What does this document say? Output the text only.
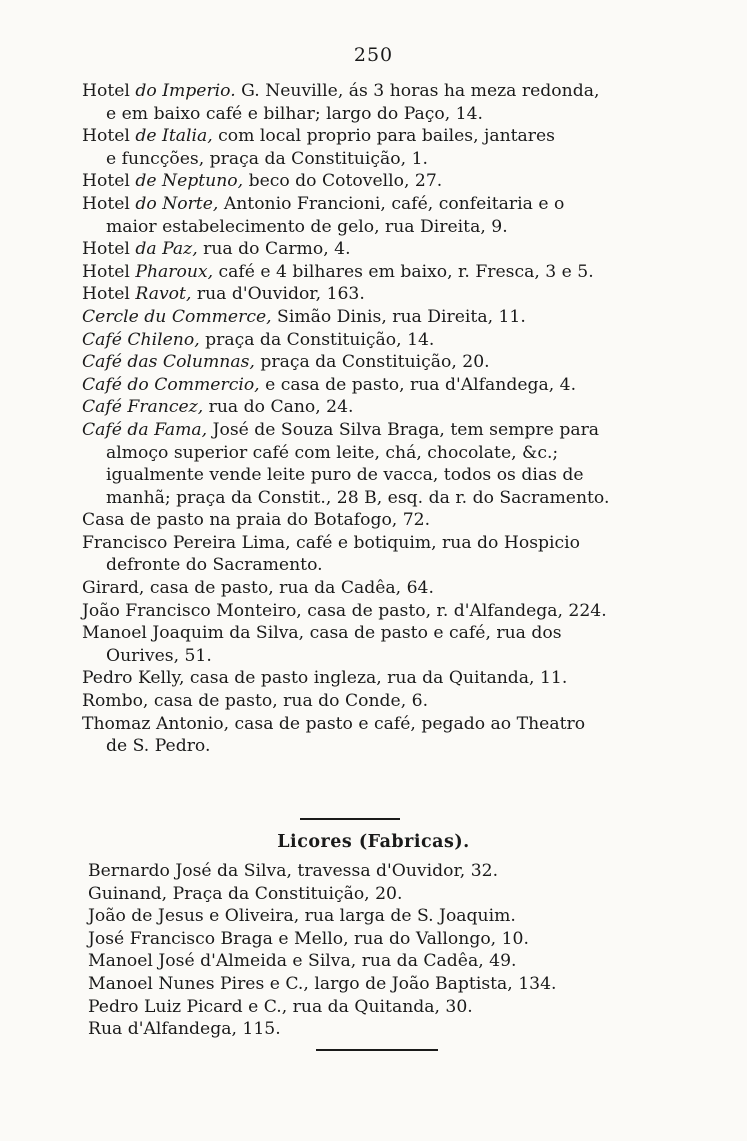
250
Hotel do Imperio. G. Neuville, ás 3 horas ha meza redonda,
e em baixo café e bilhar; largo do Paço, 14.
Hotel de Italia, com local proprio para bailes, jantares
e funcções, praça da Constituição, 1.
Hotel de Neptuno, beco do Cotovello, 27.
Hotel do Norte, Antonio Francioni, café, confeitaria e o
maior estabelecimento de gelo, rua Direita, 9.
Hotel da Paz, rua do Carmo, 4.
Hotel Pharoux, café e 4 bilhares em baixo, r. Fresca, 3 e 5.
Hotel Ravot, rua d'Ouvidor, 163.
Cercle du Commerce, Simão Dinis, rua Direita, 11.
Café Chileno, praça da Constituição, 14.
Café das Columnas, praça da Constituição, 20.
Café do Commercio, e casa de pasto, rua d'Alfandega, 4.
Café Francez, rua do Cano, 24.
Café da Fama, José de Souza Silva Braga, tem sempre para
almoço superior café com leite, chá, chocolate, &c.;
igualmente vende leite puro de vacca, todos os dias de
manhã; praça da Constit., 28 B, esq. da r. do Sacramento.
Casa de pasto na praia do Botafogo, 72.
Francisco Pereira Lima, café e botiquim, rua do Hospicio
defronte do Sacramento.
Girard, casa de pasto, rua da Cadêa, 64.
João Francisco Monteiro, casa de pasto, r. d'Alfandega, 224.
Manoel Joaquim da Silva, casa de pasto e café, rua dos
Ourives, 51.
Pedro Kelly, casa de pasto ingleza, rua da Quitanda, 11.
Rombo, casa de pasto, rua do Conde, 6.
Thomaz Antonio, casa de pasto e café, pegado ao Theatro
de S. Pedro.
Licores (Fabricas).
Bernardo José da Silva, travessa d'Ouvidor, 32.
Guinand, Praça da Constituição, 20.
João de Jesus e Oliveira, rua larga de S. Joaquim.
José Francisco Braga e Mello, rua do Vallongo, 10.
Manoel José d'Almeida e Silva, rua da Cadêa, 49.
Manoel Nunes Pires e C., largo de João Baptista, 134.
Pedro Luiz Picard e C., rua da Quitanda, 30.
Rua d'Alfandega, 115.
